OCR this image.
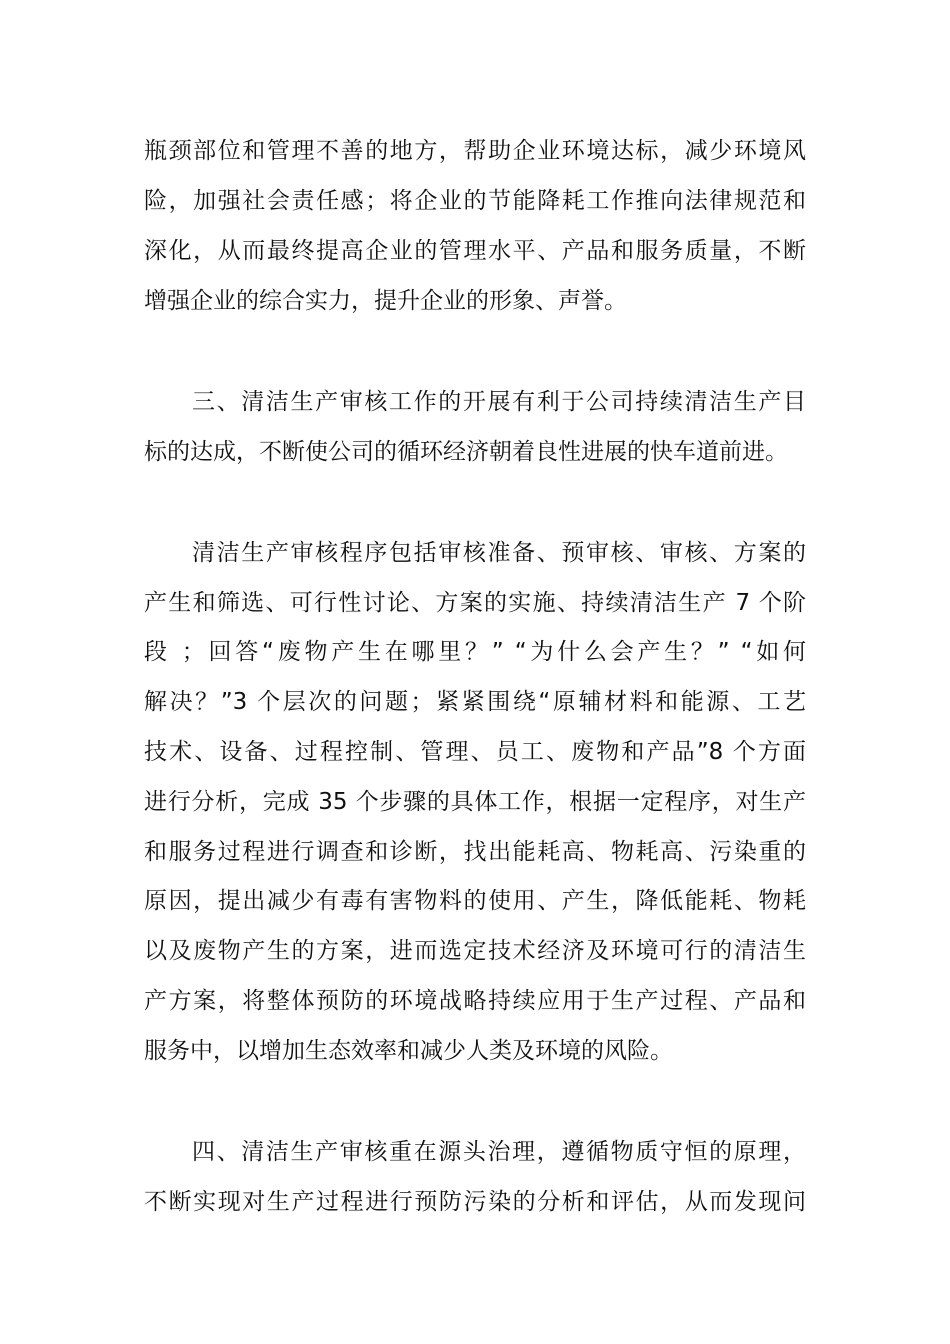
瓶颈部位和管理不善的地方，帮助企业环境达标，减少环境风
险，加强社会责任感；将企业的节能降耗工作推向法律规范和
深化，从而最终提高企业的管理水平、产品和服务质量，不断
增强企业的综合实力，提升企业的形象、声誉。
三、清洁生产审核工作的开展有利于公司持续清洁生产目
标的达成，不断使公司的循环经济朝着良性进展的快车道前进。
清洁生产审核程序包括审核准备、预审核、审核、方案的
产生和筛选、可行性讨论、方案的实施、持续清洁生产 7 个阶
段 ；回答“废物产生在哪里？” “为什么会产生？” “如何
解决？”3 个层次的问题；紧紧围绕“原辅材料和能源、工艺
技术、设备、过程控制、管理、员工、废物和产品”8 个方面
进行分析，完成 35 个步骤的具体工作，根据一定程序，对生产
和服务过程进行调查和诊断，找出能耗高、物耗高、污染重的
原因，提出减少有毒有害物料的使用、产生，降低能耗、物耗
以及废物产生的方案，进而选定技术经济及环境可行的清洁生
产方案，将整体预防的环境战略持续应用于生产过程、产品和
服务中，以增加生态效率和减少人类及环境的风险。
四、清洁生产审核重在源头治理，遵循物质守恒的原理，
不断实现对生产过程进行预防污染的分析和评估，从而发现问
